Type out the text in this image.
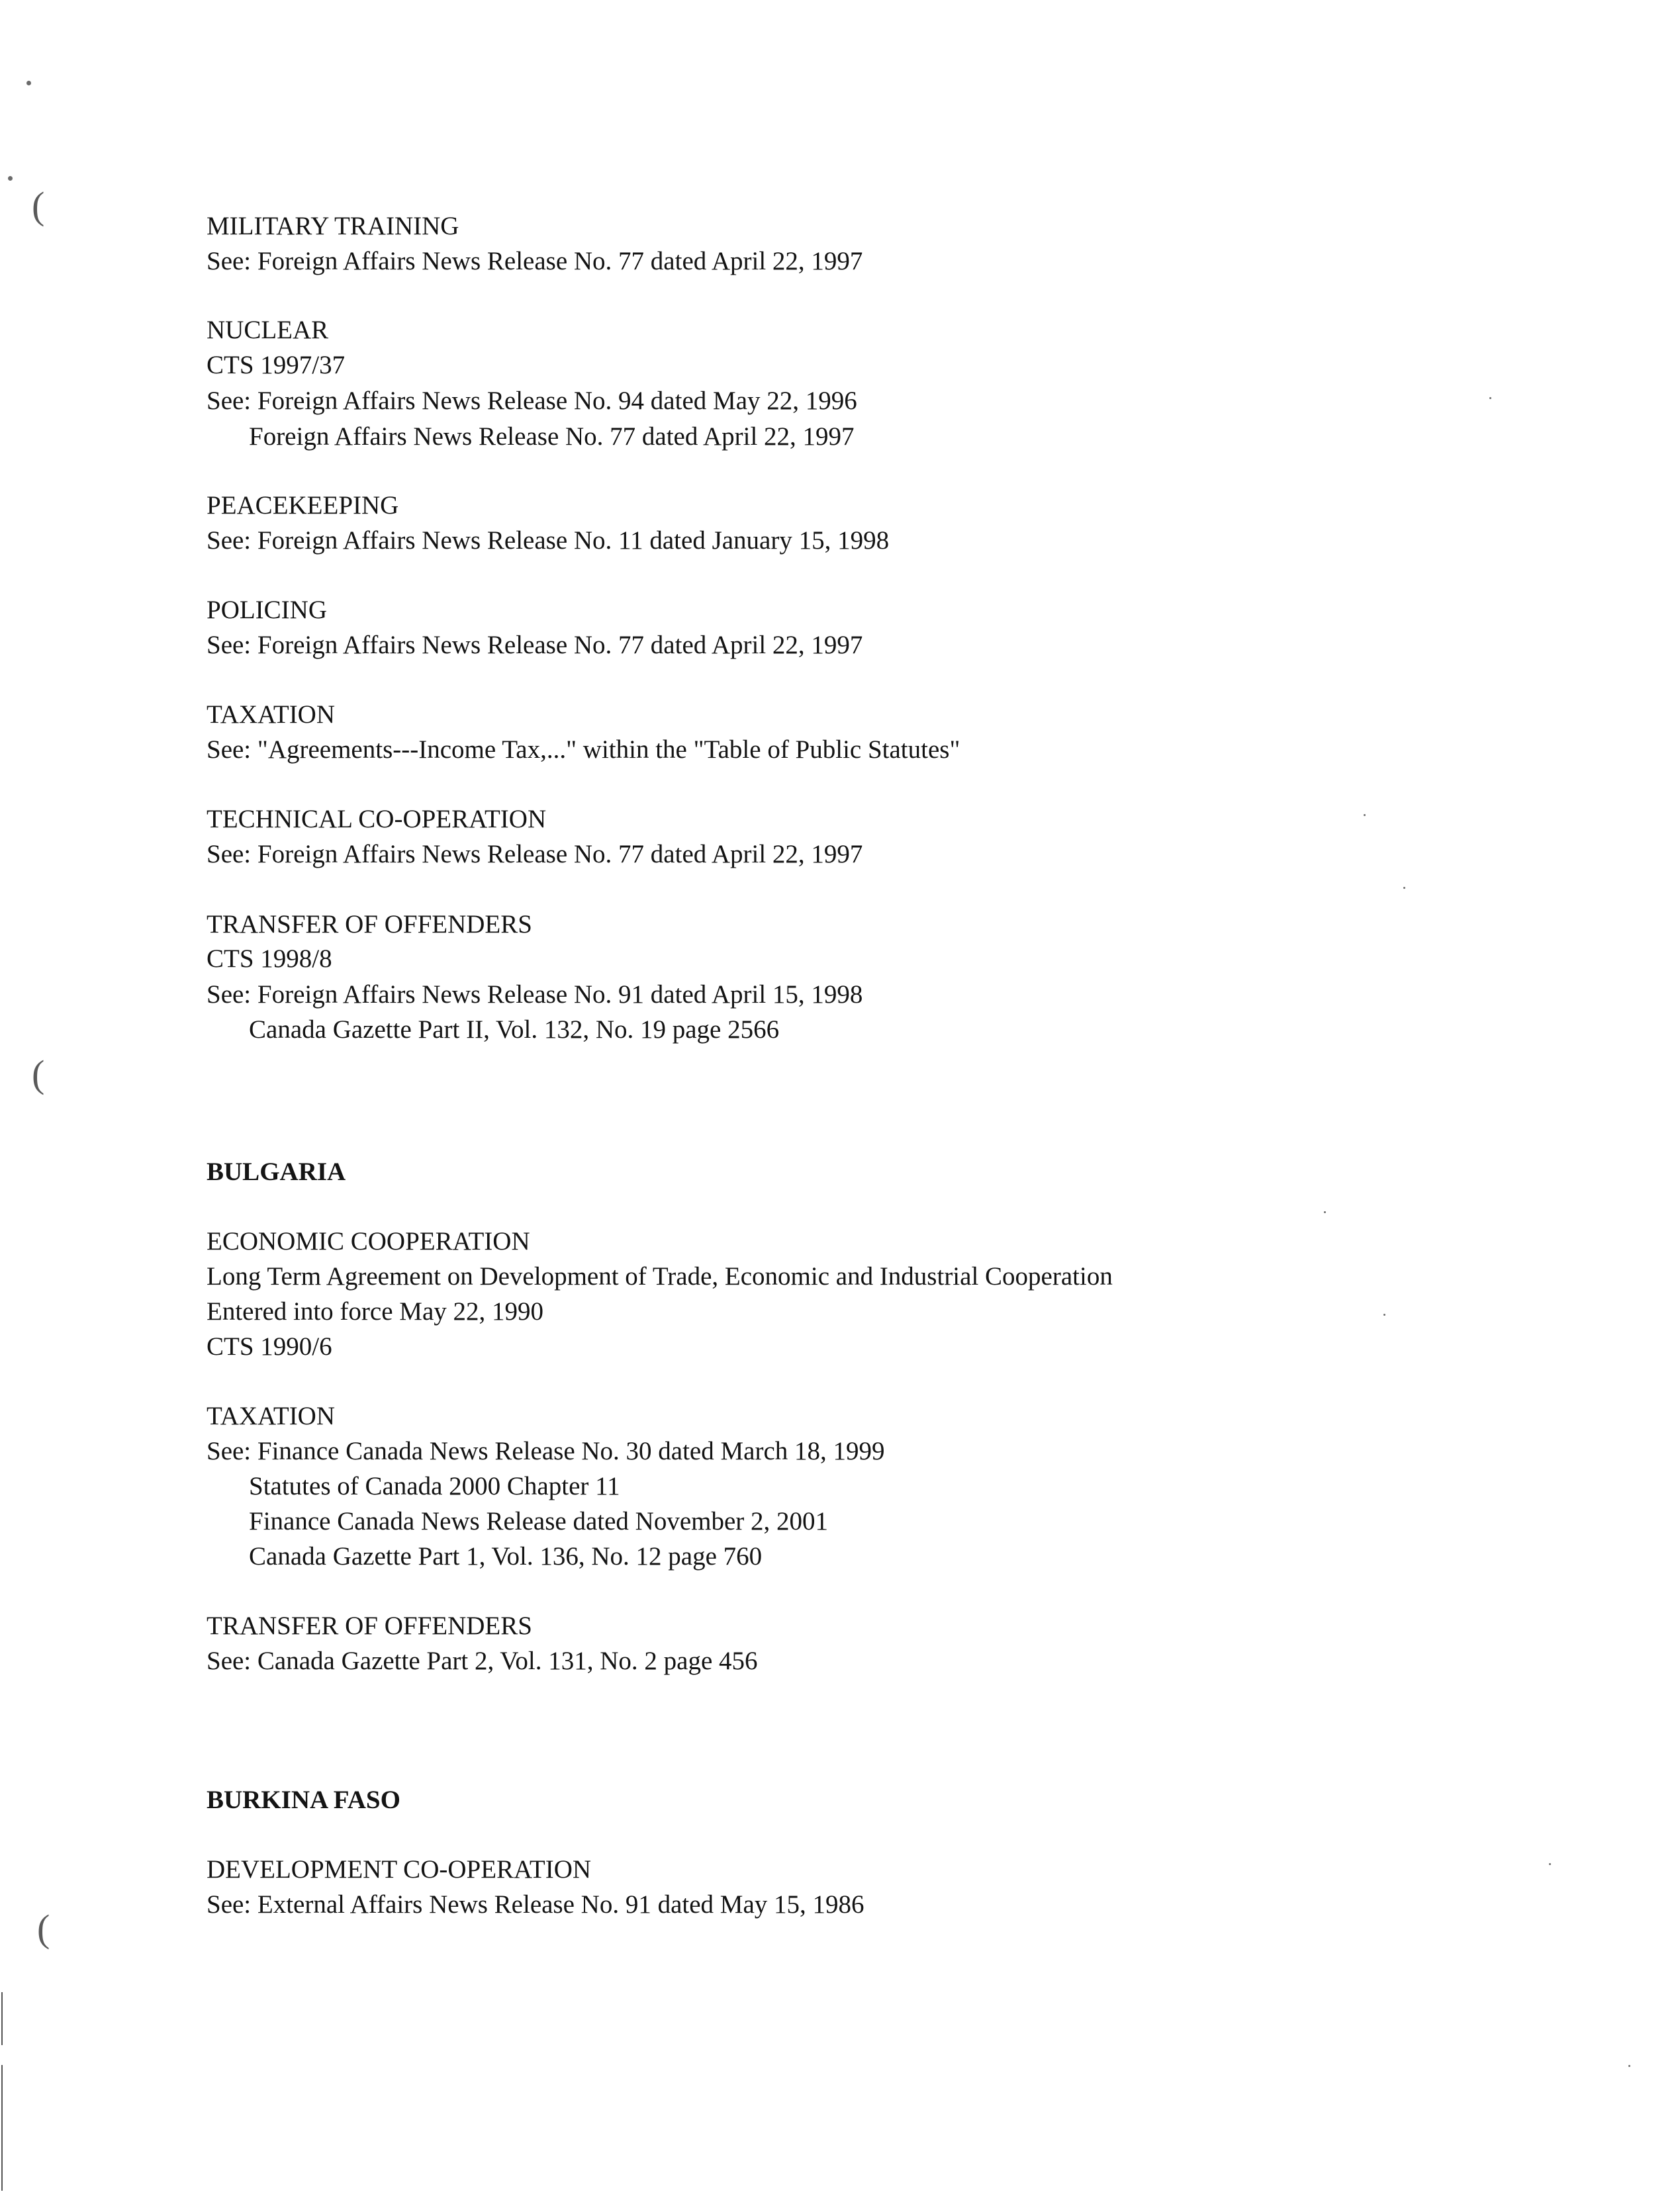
(
(
(

MILITARY TRAINING

See: Foreign Affairs News Release No. 77 dated April 22, 1997

NUCLEAR

CTS 1997/37

See: Foreign Affairs News Release No. 94 dated May 22, 1996

Foreign Affairs News Release No. 77 dated April 22, 1997

PEACEKEEPING

See: Foreign Affairs News Release No. 11 dated January 15, 1998

POLICING

See: Foreign Affairs News Release No. 77 dated April 22, 1997

TAXATION

See: "Agreements---Income Tax,..." within the "Table of Public Statutes"

TECHNICAL CO-OPERATION

See: Foreign Affairs News Release No. 77 dated April 22, 1997

TRANSFER OF OFFENDERS

CTS 1998/8

See: Foreign Affairs News Release No. 91 dated April 15, 1998

Canada Gazette Part II, Vol. 132, No. 19 page 2566

BULGARIA

ECONOMIC COOPERATION

Long Term Agreement on Development of Trade, Economic and Industrial Cooperation

Entered into force May 22, 1990

CTS 1990/6

TAXATION

See: Finance Canada News Release No. 30 dated March 18, 1999

Statutes of Canada 2000 Chapter 11

Finance Canada News Release dated November 2, 2001

Canada Gazette Part 1, Vol. 136, No. 12 page 760

TRANSFER OF OFFENDERS

See: Canada Gazette Part 2, Vol. 131, No. 2 page 456

BURKINA FASO

DEVELOPMENT CO-OPERATION

See: External Affairs News Release No. 91 dated May 15, 1986
